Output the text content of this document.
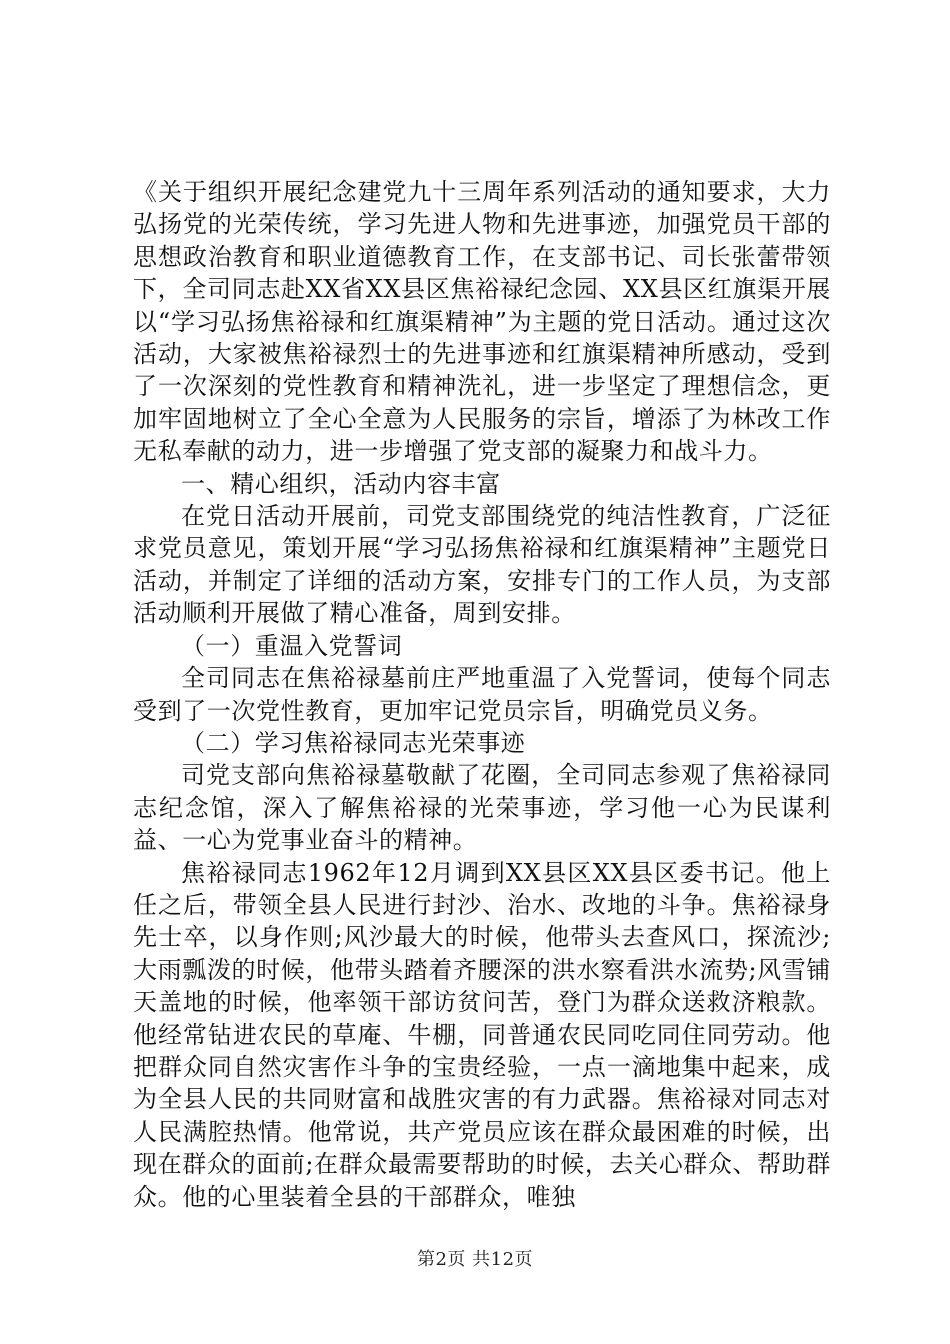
《关于组织开展纪念建党九十三周年系列活动的通知要求，大力弘扬党的光荣传统，学习先进人物和先进事迹，加强党员干部的思想政治教育和职业道德教育工作，在支部书记、司长张蕾带领下，全司同志赴XX省XX县区焦裕禄纪念园、XX县区红旗渠开展以“学习弘扬焦裕禄和红旗渠精神”为主题的党日活动。通过这次活动，大家被焦裕禄烈士的先进事迹和红旗渠精神所感动，受到了一次深刻的党性教育和精神洗礼，进一步坚定了理想信念，更加牢固地树立了全心全意为人民服务的宗旨，增添了为林改工作无私奉献的动力，进一步增强了党支部的凝聚力和战斗力。

一、精心组织，活动内容丰富

在党日活动开展前，司党支部围绕党的纯洁性教育，广泛征求党员意见，策划开展“学习弘扬焦裕禄和红旗渠精神”主题党日活动，并制定了详细的活动方案，安排专门的工作人员，为支部活动顺利开展做了精心准备，周到安排。

（一）重温入党誓词

全司同志在焦裕禄墓前庄严地重温了入党誓词，使每个同志受到了一次党性教育，更加牢记党员宗旨，明确党员义务。

（二）学习焦裕禄同志光荣事迹

司党支部向焦裕禄墓敬献了花圈，全司同志参观了焦裕禄同志纪念馆，深入了解焦裕禄的光荣事迹，学习他一心为民谋利益、一心为党事业奋斗的精神。

焦裕禄同志1962年12月调到XX县区XX县区委书记。他上任之后，带领全县人民进行封沙、治水、改地的斗争。焦裕禄身先士卒，以身作则;风沙最大的时候，他带头去查风口，探流沙;大雨瓢泼的时候，他带头踏着齐腰深的洪水察看洪水流势;风雪铺天盖地的时候，他率领干部访贫问苦，登门为群众送救济粮款。他经常钻进农民的草庵、牛棚，同普通农民同吃同住同劳动。他把群众同自然灾害作斗争的宝贵经验，一点一滴地集中起来，成为全县人民的共同财富和战胜灾害的有力武器。焦裕禄对同志对人民满腔热情。他常说，共产党员应该在群众最困难的时候，出现在群众的面前;在群众最需要帮助的时候，去关心群众、帮助群众。他的心里装着全县的干部群众，唯独

第2页 共12页
